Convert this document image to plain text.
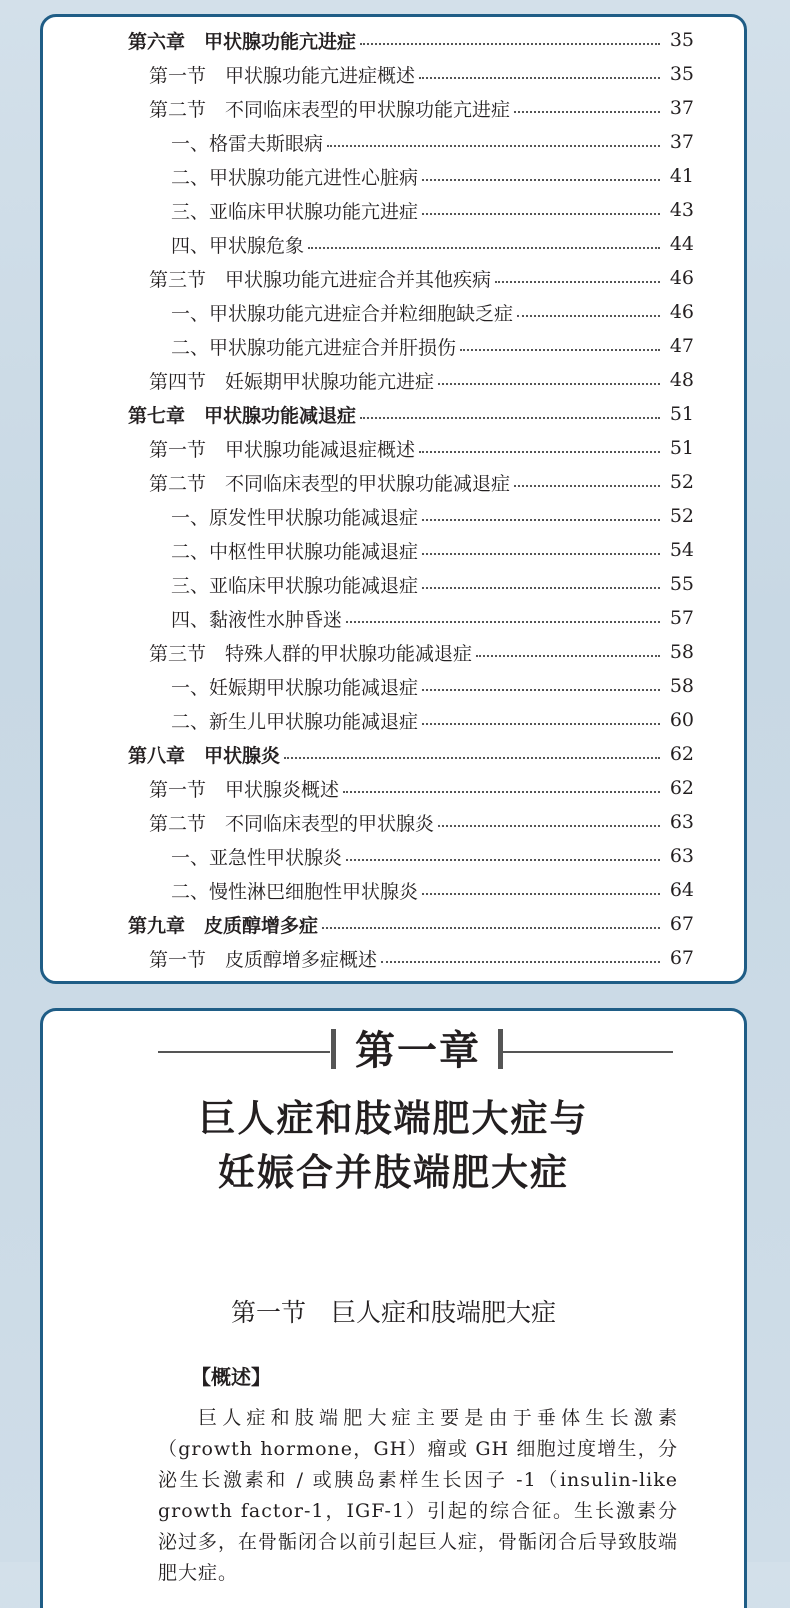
第六章　甲状腺功能亢进症	35
第一节　甲状腺功能亢进症概述	35
第二节　不同临床表型的甲状腺功能亢进症	37
一、格雷夫斯眼病	37
二、甲状腺功能亢进性心脏病	41
三、亚临床甲状腺功能亢进症	43
四、甲状腺危象	44
第三节　甲状腺功能亢进症合并其他疾病	46
一、甲状腺功能亢进症合并粒细胞缺乏症	46
二、甲状腺功能亢进症合并肝损伤	47
第四节　妊娠期甲状腺功能亢进症	48
第七章　甲状腺功能减退症	51
第一节　甲状腺功能减退症概述	51
第二节　不同临床表型的甲状腺功能减退症	52
一、原发性甲状腺功能减退症	52
二、中枢性甲状腺功能减退症	54
三、亚临床甲状腺功能减退症	55
四、黏液性水肿昏迷	57
第三节　特殊人群的甲状腺功能减退症	58
一、妊娠期甲状腺功能减退症	58
二、新生儿甲状腺功能减退症	60
第八章　甲状腺炎	62
第一节　甲状腺炎概述	62
第二节　不同临床表型的甲状腺炎	63
一、亚急性甲状腺炎	63
二、慢性淋巴细胞性甲状腺炎	64
第九章　皮质醇增多症	67
第一节　皮质醇增多症概述	67
第一章
巨人症和肢端肥大症与
妊娠合并肢端肥大症
第一节　巨人症和肢端肥大症
【概述】
巨人症和肢端肥大症主要是由于垂体生长激素（growth hormone，GH）瘤或 GH 细胞过度增生，分泌生长激素和 / 或胰岛素样生长因子 -1（insulin-like growth factor-1，IGF-1）引起的综合征。生长激素分泌过多，在骨骺闭合以前引起巨人症，骨骺闭合后导致肢端肥大症。
